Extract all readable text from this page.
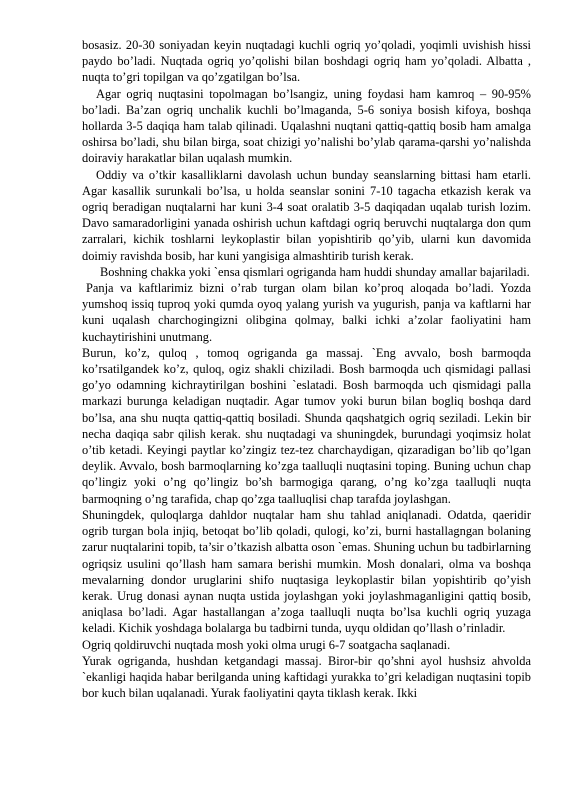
bosasiz. 20-30 soniyadan keyin nuqtadagi kuchli ogriq yo’qoladi, yoqimli uvishish hissi paydo bo’ladi. Nuqtada ogriq yo’qolishi bilan boshdagi ogriq ham yo’qoladi. Albatta , nuqta to’gri topilgan va qo’zgatilgan bo’lsa.

Agar ogriq nuqtasini topolmagan bo’lsangiz, uning foydasi ham kamroq – 90-95% bo’ladi. Ba’zan ogriq unchalik kuchli bo’lmaganda, 5-6 soniya bosish kifoya, boshqa hollarda 3-5 daqiqa ham talab qilinadi. Uqalashni nuqtani qattiq-qattiq bosib ham amalga oshirsa bo’ladi, shu bilan birga, soat chizigi yo’nalishi bo’ylab qarama-qarshi yo’nalishda doiraviy harakatlar bilan uqalash mumkin.

Oddiy va o’tkir kasalliklarni davolash uchun bunday seanslarning bittasi ham etarli. Agar kasallik surunkali bo’lsa, u holda seanslar sonini 7-10 tagacha etkazish kerak va ogriq beradigan nuqtalarni har kuni 3-4 soat oralatib 3-5 daqiqadan uqalab turish lozim. Davo samaradorligini yanada oshirish uchun kaftdagi ogriq beruvchi nuqtalarga don qum zarralari, kichik toshlarni leykoplastir bilan yopishtirib qo’yib, ularni kun davomida doimiy ravishda bosib, har kuni yangisiga almashtirib turish kerak.

Boshning chakka yoki `ensa qismlari ogriganda ham huddi shunday amallar bajariladi.

Panja va kaftlarimiz bizni o’rab turgan olam bilan ko’proq aloqada bo’ladi. Yozda yumshoq issiq tuproq yoki qumda oyoq yalang yurish va yugurish, panja va kaftlarni har kuni uqalash charchogingizni olibgina qolmay, balki ichki a’zolar faoliyatini ham kuchaytirishini unutmang.

Burun, ko’z, quloq , tomoq ogriganda ga massaj. `Eng avvalo, bosh barmoqda ko’rsatilgandek ko’z, quloq, ogiz shakli chiziladi. Bosh barmoqda uch qismidagi pallasi go’yo odamning kichraytirilgan boshini `eslatadi. Bosh barmoqda uch qismidagi palla markazi burunga keladigan nuqtadir. Agar tumov yoki burun bilan bogliq boshqa dard bo’lsa, ana shu nuqta qattiq-qattiq bosiladi. Shunda qaqshatgich ogriq seziladi. Lekin bir necha daqiqa sabr qilish kerak. shu nuqtadagi va shuningdek, burundagi yoqimsiz holat o’tib ketadi. Keyingi paytlar ko’zingiz tez-tez charchaydigan, qizaradigan bo’lib qo’lgan deylik. Avvalo, bosh barmoqlarning ko’zga taalluqli nuqtasini toping. Buning uchun chap qo’lingiz yoki o’ng qo’lingiz bo’sh barmogiga qarang, o’ng ko’zga taalluqli nuqta barmoqning o’ng tarafida, chap qo’zga taalluqlisi chap tarafda joylashgan.

Shuningdek, quloqlarga dahldor nuqtalar ham shu tahlad aniqlanadi. Odatda, qaeridir ogrib turgan bola injiq, betoqat bo’lib qoladi, qulogi, ko’zi, burni hastallagngan bolaning zarur nuqtalarini topib, ta’sir o’tkazish albatta oson `emas. Shuning uchun bu tadbirlarning ogriqsiz usulini qo’llash ham samara berishi mumkin. Mosh donalari, olma va boshqa mevalarning dondor uruglarini shifo nuqtasiga leykoplastir bilan yopishtirib qo’yish kerak. Urug donasi aynan nuqta ustida joylashgan yoki joylashmaganligini qattiq bosib, aniqlasa bo’ladi. Agar hastallangan a’zoga taalluqli nuqta bo’lsa kuchli ogriq yuzaga keladi. Kichik yoshdaga bolalarga bu tadbirni tunda, uyqu oldidan qo’llash o’rinladir.

Ogriq qoldiruvchi nuqtada mosh yoki olma urugi 6-7 soatgacha saqlanadi.

Yurak ogriganda, hushdan ketgandagi massaj. Biror-bir qo’shni ayol hushsiz ahvolda `ekanligi haqida habar berilganda uning kaftidagi yurakka to’gri keladigan nuqtasini topib bor kuch bilan uqalanadi. Yurak faoliyatini qayta tiklash kerak. Ikki
